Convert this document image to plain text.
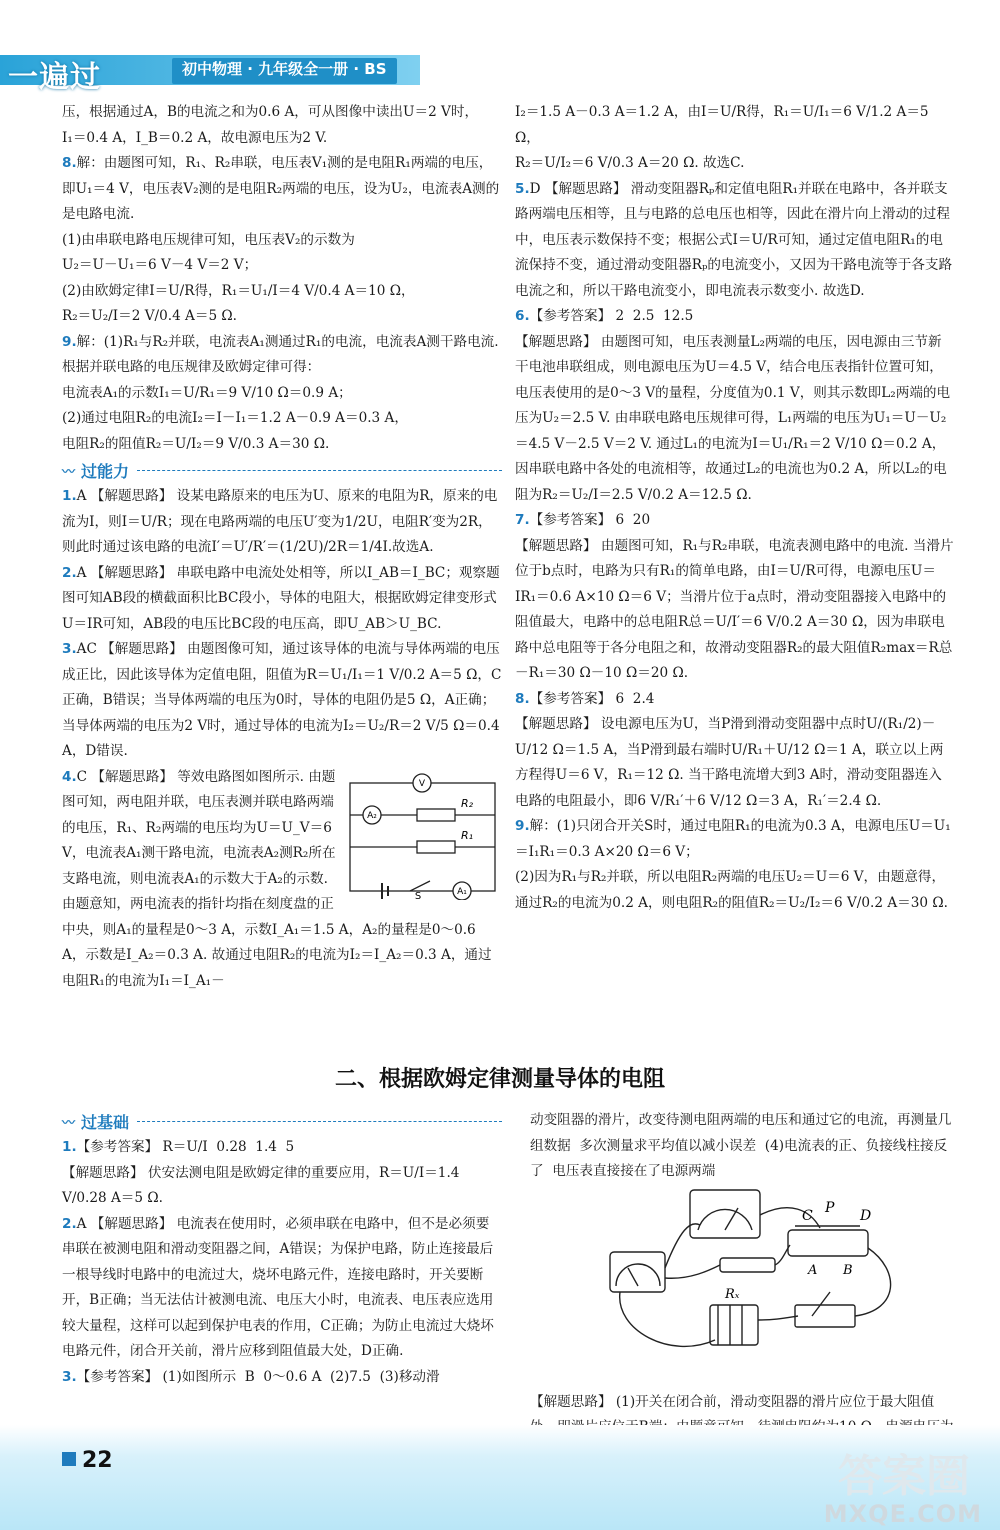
一遍过	初中物理 · 九年级全一册 · BS

压，根据通过A，B的电流之和为0.6 A，可从图像中读出U＝2 V时，

I₁＝0.4 A，I_B＝0.2 A，故电源电压为2 V.

8.解：由题图可知，R₁、R₂串联，电压表V₁测的是电阻R₁两端的电压，即U₁＝4 V，电压表V₂测的是电阻R₂两端的电压，设为U₂，电流表A测的是电路电流.

(1)由串联电路电压规律可知，电压表V₂的示数为

U₂＝U－U₁＝6 V－4 V＝2 V；

(2)由欧姆定律I＝U/R得，R₁＝U₁/I＝4 V/0.4 A＝10 Ω，

R₂＝U₂/I＝2 V/0.4 A＝5 Ω.

9.解：(1)R₁与R₂并联，电流表A₁测通过R₁的电流，电流表A测干路电流. 根据并联电路的电压规律及欧姆定律可得：

电流表A₁的示数I₁＝U/R₁＝9 V/10 Ω＝0.9 A；

(2)通过电阻R₂的电流I₂＝I－I₁＝1.2 A－0.9 A＝0.3 A，

电阻R₂的阻值R₂＝U/I₂＝9 V/0.3 A＝30 Ω.

〰 过能力

1.A 【解题思路】 设某电路原来的电压为U、原来的电阻为R，原来的电流为I，则I＝U/R；现在电路两端的电压U′变为1/2U，电阻R′变为2R，则此时通过该电路的电流I′＝U′/R′＝(1/2U)/2R＝1/4I.故选A.

2.A 【解题思路】 串联电路中电流处处相等，所以I_AB＝I_BC；观察题图可知AB段的横截面积比BC段小，导体的电阻大，根据欧姆定律变形式U＝IR可知，AB段的电压比BC段的电压高，即U_AB＞U_BC.

3.AC 【解题思路】 由题图像可知，通过该导体的电流与导体两端的电压成正比，因此该导体为定值电阻，阻值为R＝U₁/I₁＝1 V/0.2 A＝5 Ω，C正确，B错误；当导体两端的电压为0时，导体的电阻仍是5 Ω，A正确；当导体两端的电压为2 V时，通过导体的电流为I₂＝U₂/R＝2 V/5 Ω＝0.4 A，D错误.

V
A₂
A₁
R₂
R₁
S
4.C 【解题思路】 等效电路图如图所示. 由题图可知，两电阻并联，电压表测并联电路两端的电压，R₁、R₂两端的电压均为U＝U_V＝6 V，电流表A₁测干路电流，电流表A₂测R₂所在支路电流，则电流表A₁的示数大于A₂的示数. 由题意知，两电流表的指针均指在刻度盘的正中央，则A₁的量程是0～3 A，示数I_A₁＝1.5 A，A₂的量程是0～0.6 A，示数是I_A₂＝0.3 A. 故通过电阻R₂的电流为I₂＝I_A₂＝0.3 A，通过电阻R₁的电流为I₁＝I_A₁－

I₂＝1.5 A－0.3 A＝1.2 A，由I＝U/R得，R₁＝U/I₁＝6 V/1.2 A＝5 Ω，

R₂＝U/I₂＝6 V/0.3 A＝20 Ω. 故选C.

5.D 【解题思路】 滑动变阻器Rₚ和定值电阻R₁并联在电路中，各并联支路两端电压相等，且与电路的总电压也相等，因此在滑片向上滑动的过程中，电压表示数保持不变；根据公式I＝U/R可知，通过定值电阻R₁的电流保持不变，通过滑动变阻器Rₚ的电流变小，又因为干路电流等于各支路电流之和，所以干路电流变小，即电流表示数变小. 故选D.

6.【参考答案】 2  2.5  12.5

【解题思路】 由题图可知，电压表测量L₂两端的电压，因电源由三节新干电池串联组成，则电源电压为U＝4.5 V，结合电压表指针位置可知，电压表使用的是0～3 V的量程，分度值为0.1 V，则其示数即L₂两端的电压为U₂＝2.5 V. 由串联电路电压规律可得，L₁两端的电压为U₁＝U－U₂＝4.5 V－2.5 V＝2 V. 通过L₁的电流为I＝U₁/R₁＝2 V/10 Ω＝0.2 A，因串联电路中各处的电流相等，故通过L₂的电流也为0.2 A，所以L₂的电阻为R₂＝U₂/I＝2.5 V/0.2 A＝12.5 Ω.

7.【参考答案】 6  20

【解题思路】 由题图可知，R₁与R₂串联，电流表测电路中的电流. 当滑片位于b点时，电路为只有R₁的简单电路，由I＝U/R可得，电源电压U＝IR₁＝0.6 A×10 Ω＝6 V；当滑片位于a点时，滑动变阻器接入电路中的阻值最大，电路中的总电阻R总＝U/I′＝6 V/0.2 A＝30 Ω，因为串联电路中总电阻等于各分电阻之和，故滑动变阻器R₂的最大阻值R₂max＝R总－R₁＝30 Ω－10 Ω＝20 Ω.

8.【参考答案】 6  2.4

【解题思路】 设电源电压为U，当P滑到滑动变阻器中点时U/(R₁/2)－U/12 Ω＝1.5 A，当P滑到最右端时U/R₁＋U/12 Ω＝1 A，联立以上两方程得U＝6 V，R₁＝12 Ω. 当干路电流增大到3 A时，滑动变阻器连入电路的电阻最小，即6 V/R₁′＋6 V/12 Ω＝3 A，R₁′＝2.4 Ω.

9.解：(1)只闭合开关S时，通过电阻R₁的电流为0.3 A，电源电压U＝U₁＝I₁R₁＝0.3 A×20 Ω＝6 V；

(2)因为R₁与R₂并联，所以电阻R₂两端的电压U₂＝U＝6 V，由题意得，通过R₂的电流为0.2 A，则电阻R₂的阻值R₂＝U₂/I₂＝6 V/0.2 A＝30 Ω.

二、根据欧姆定律测量导体的电阻
〰 过基础

1.【参考答案】 R＝U/I  0.28  1.4  5

【解题思路】 伏安法测电阻是欧姆定律的重要应用，R＝U/I＝1.4 V/0.28 A＝5 Ω.

2.A 【解题思路】 电流表在使用时，必须串联在电路中，但不是必须要串联在被测电阻和滑动变阻器之间，A错误；为保护电路，防止连接最后一根导线时电路中的电流过大，烧坏电路元件，连接电路时，开关要断开，B正确；当无法估计被测电流、电压大小时，电流表、电压表应选用较大量程，这样可以起到保护电表的作用，C正确；为防止电流过大烧坏电路元件，闭合开关前，滑片应移到阻值最大处，D正确.

3.【参考答案】 (1)如图所示  B  0～0.6 A  (2)7.5  (3)移动滑

动变阻器的滑片，改变待测电阻两端的电压和通过它的电流，再测量几组数据  多次测量求平均值以减小误差  (4)电流表的正、负接线柱接反了  电压表直接接在了电源两端

【解题思路】 (1)开关在闭合前，滑动变阻器的滑片应位于最大阻值

C P D
A B
Rₓ
22	答案圈
MXQE.COM
